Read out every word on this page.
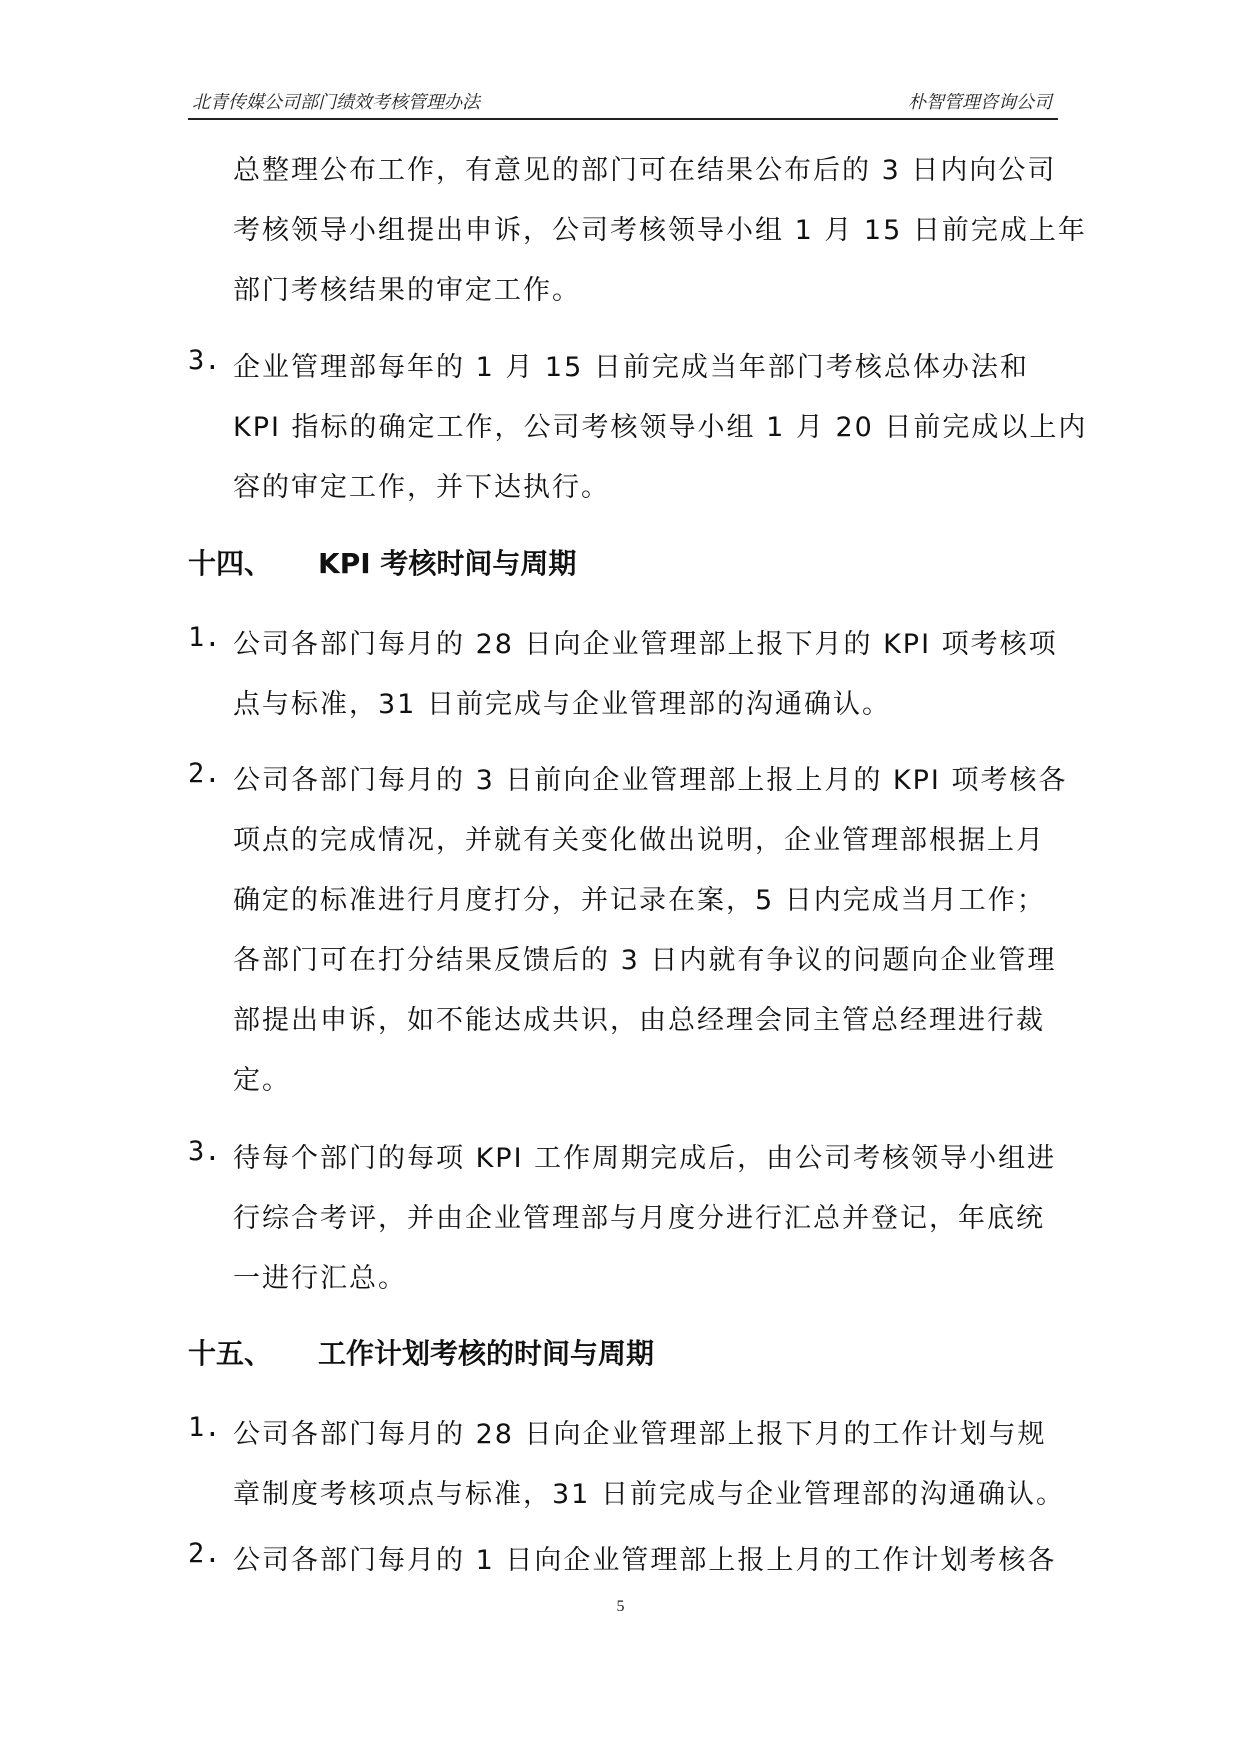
北青传媒公司部门绩效考核管理办法	朴智管理咨询公司
总整理公布工作，有意见的部门可在结果公布后的 3 日内向公司
考核领导小组提出申诉，公司考核领导小组 1 月 15 日前完成上年
部门考核结果的审定工作。
3. 企业管理部每年的 1 月 15 日前完成当年部门考核总体办法和
KPI 指标的确定工作，公司考核领导小组 1 月 20 日前完成以上内
容的审定工作，并下达执行。
十四、 KPI 考核时间与周期
1. 公司各部门每月的 28 日向企业管理部上报下月的 KPI 项考核项
点与标准，31 日前完成与企业管理部的沟通确认。
2. 公司各部门每月的 3 日前向企业管理部上报上月的 KPI 项考核各
项点的完成情况，并就有关变化做出说明，企业管理部根据上月
确定的标准进行月度打分，并记录在案，5 日内完成当月工作；
各部门可在打分结果反馈后的 3 日内就有争议的问题向企业管理
部提出申诉，如不能达成共识，由总经理会同主管总经理进行裁
定。
3. 待每个部门的每项 KPI 工作周期完成后，由公司考核领导小组进
行综合考评，并由企业管理部与月度分进行汇总并登记，年底统
一进行汇总。
十五、 工作计划考核的时间与周期
1. 公司各部门每月的 28 日向企业管理部上报下月的工作计划与规
章制度考核项点与标准，31 日前完成与企业管理部的沟通确认。
2. 公司各部门每月的 1 日向企业管理部上报上月的工作计划考核各
5
